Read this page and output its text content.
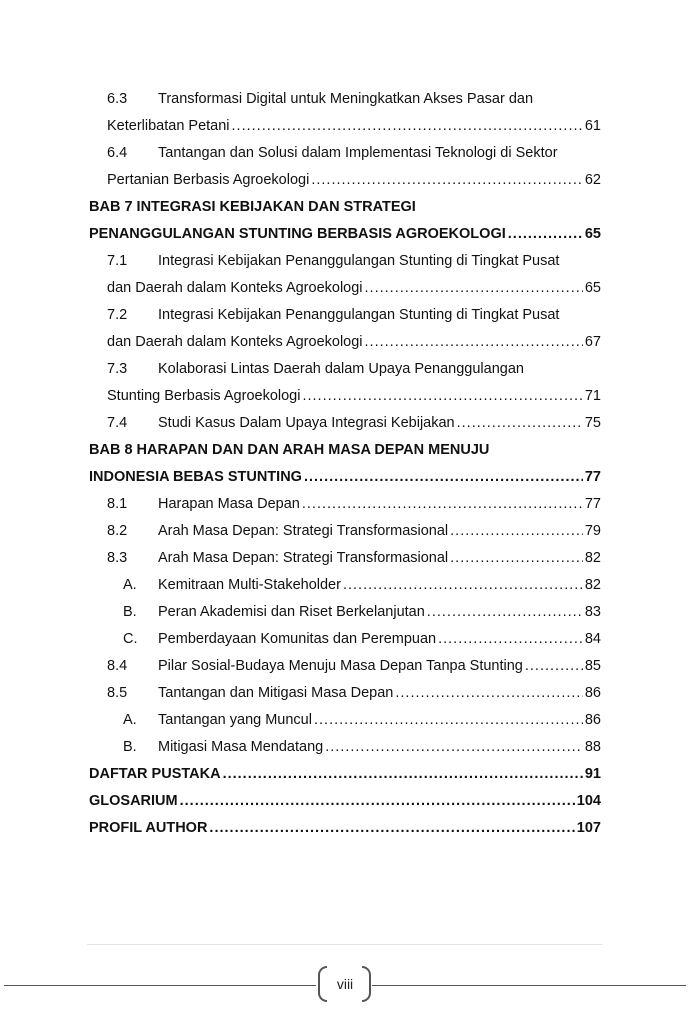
6.3 Transformasi Digital untuk Meningkatkan Akses Pasar dan
Keterlibatan Petani .....	61
6.4 Tantangan dan Solusi dalam Implementasi Teknologi di Sektor
Pertanian Berbasis Agroekologi .....	62
BAB 7 INTEGRASI KEBIJAKAN DAN STRATEGI
PENANGGULANGAN STUNTING BERBASIS AGROEKOLOGI .....	65
7.1 Integrasi Kebijakan Penanggulangan Stunting di Tingkat Pusat
dan Daerah dalam Konteks Agroekologi .....	65
7.2 Integrasi Kebijakan Penanggulangan Stunting di Tingkat Pusat
dan Daerah dalam Konteks Agroekologi .....	67
7.3 Kolaborasi Lintas Daerah dalam Upaya Penanggulangan
Stunting Berbasis Agroekologi .....	71
7.4 Studi Kasus Dalam Upaya Integrasi Kebijakan .....	75
BAB 8 HARAPAN DAN DAN ARAH MASA DEPAN MENUJU
INDONESIA BEBAS STUNTING .....	77
8.1 Harapan Masa Depan .....	77
8.2 Arah Masa Depan: Strategi Transformasional .....	79
8.3 Arah Masa Depan: Strategi Transformasional .....	82
A. Kemitraan Multi-Stakeholder .....	82
B. Peran Akademisi dan Riset Berkelanjutan .....	83
C. Pemberdayaan Komunitas dan Perempuan .....	84
8.4 Pilar Sosial-Budaya Menuju Masa Depan Tanpa Stunting .....	85
8.5 Tantangan dan Mitigasi Masa Depan .....	86
A. Tantangan yang Muncul .....	86
B. Mitigasi Masa Mendatang .....	88
DAFTAR PUSTAKA .....	91
GLOSARIUM .....	104
PROFIL AUTHOR .....	107
viii
